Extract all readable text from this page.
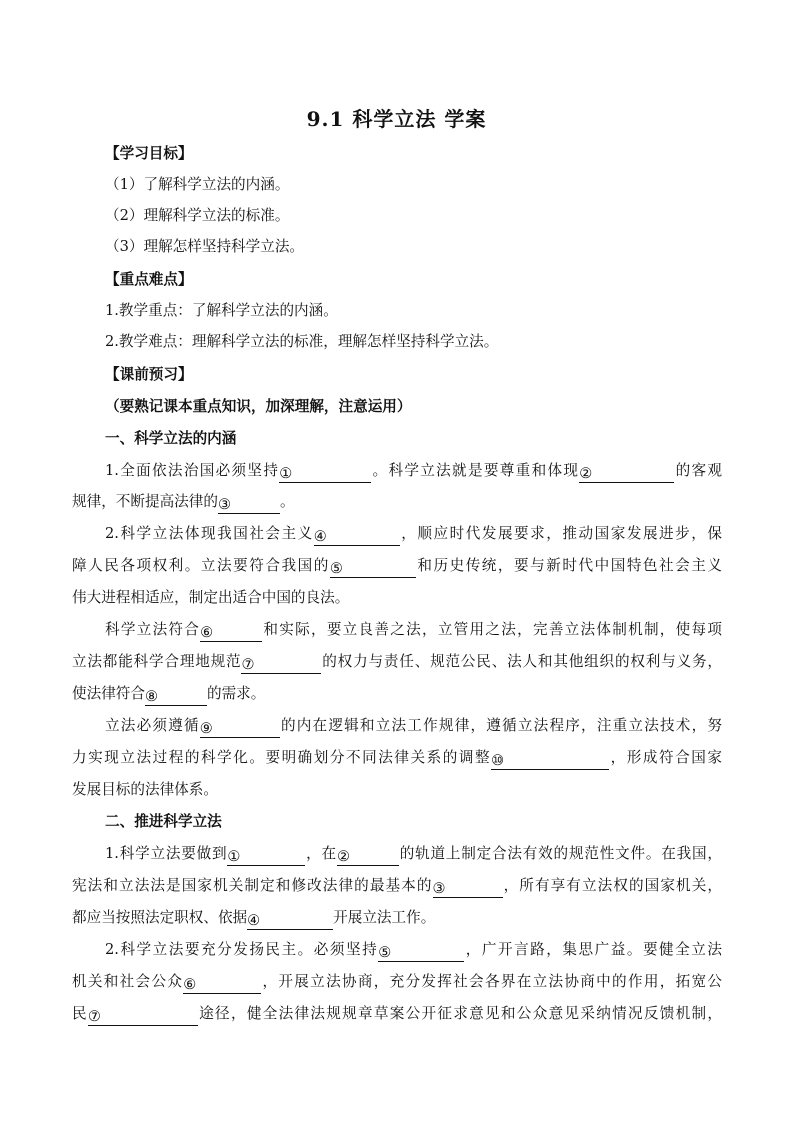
9.1 科学立法 学案
【学习目标】
（1）了解科学立法的内涵。
（2）理解科学立法的标准。
（3）理解怎样坚持科学立法。
【重点难点】
1.教学重点：了解科学立法的内涵。
2.教学难点：理解科学立法的标准，理解怎样坚持科学立法。
【课前预习】
（要熟记课本重点知识，加深理解，注意运用）
一、科学立法的内涵
1.全面依法治国必须坚持①	。科学立法就是要尊重和体现②	的客观
规律，不断提高法律的③	。
2.科学立法体现我国社会主义④	，顺应时代发展要求，推动国家发展进步，保
障人民各项权利。立法要符合我国的⑤	和历史传统，要与新时代中国特色社会主义
伟大进程相适应，制定出适合中国的良法。
科学立法符合⑥	和实际，要立良善之法，立管用之法，完善立法体制机制，使每项
立法都能科学合理地规范⑦	的权力与责任、规范公民、法人和其他组织的权利与义务，
使法律符合⑧	的需求。
立法必须遵循⑨	的内在逻辑和立法工作规律，遵循立法程序，注重立法技术，努
力实现立法过程的科学化。要明确划分不同法律关系的调整⑩	，形成符合国家
发展目标的法律体系。
二、推进科学立法
1.科学立法要做到①	，在②	的轨道上制定合法有效的规范性文件。在我国，
宪法和立法法是国家机关制定和修改法律的最基本的③	，所有享有立法权的国家机关，
都应当按照法定职权、依据④	开展立法工作。
2.科学立法要充分发扬民主。必须坚持⑤	，广开言路，集思广益。要健全立法
机关和社会公众⑥	，开展立法协商，充分发挥社会各界在立法协商中的作用，拓宽公
民⑦	途径，健全法律法规规章草案公开征求意见和公众意见采纳情况反馈机制，
